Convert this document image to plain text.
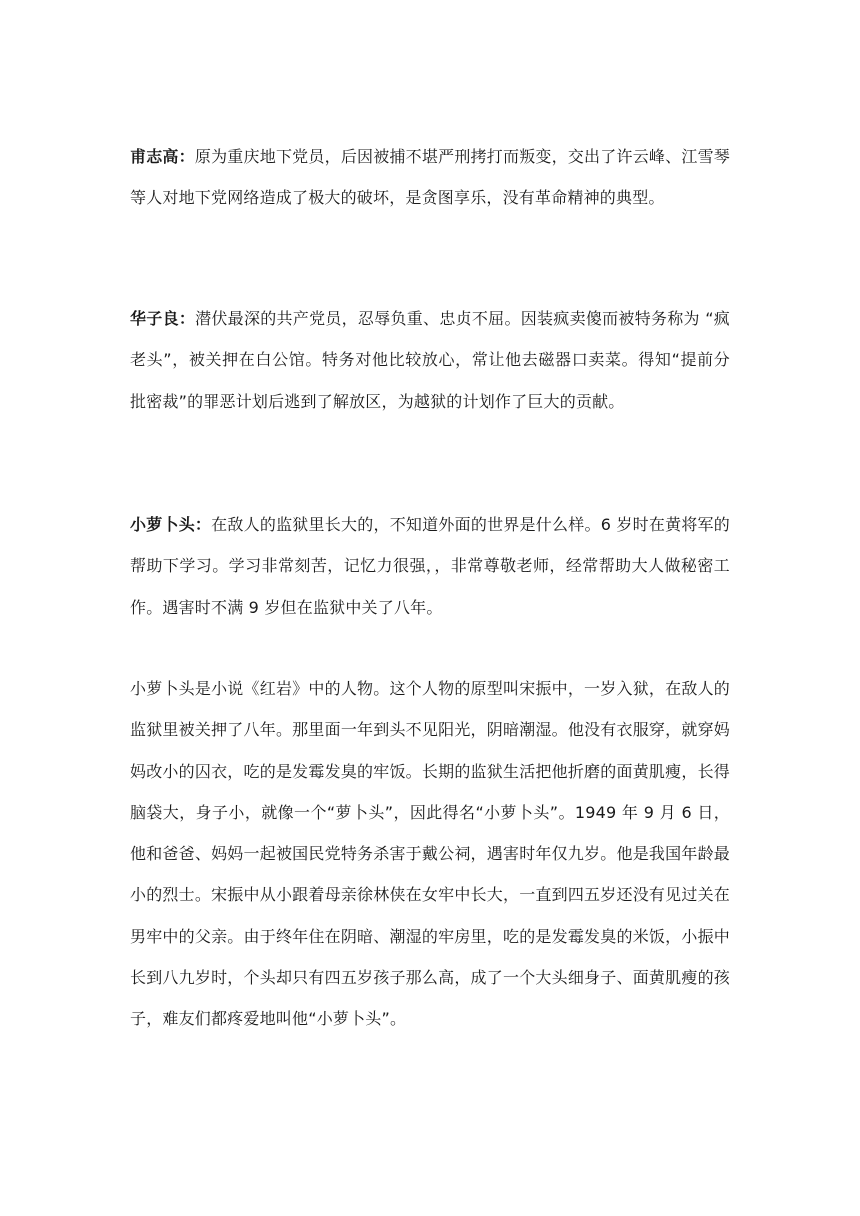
甫志高：原为重庆地下党员，后因被捕不堪严刑拷打而叛变，交出了许云峰、江雪琴等人对地下党网络造成了极大的破坏，是贪图享乐，没有革命精神的典型。

华子良：潜伏最深的共产党员，忍辱负重、忠贞不屈。因装疯卖傻而被特务称为 “疯老头”，被关押在白公馆。特务对他比较放心，常让他去磁器口卖菜。得知“提前分批密裁”的罪恶计划后逃到了解放区，为越狱的计划作了巨大的贡献。

小萝卜头：在敌人的监狱里长大的，不知道外面的世界是什么样。6 岁时在黄将军的帮助下学习。学习非常刻苦，记忆力很强，，非常尊敬老师，经常帮助大人做秘密工作。遇害时不满 9 岁但在监狱中关了八年。

小萝卜头是小说《红岩》中的人物。这个人物的原型叫宋振中，一岁入狱，在敌人的监狱里被关押了八年。那里面一年到头不见阳光，阴暗潮湿。他没有衣服穿，就穿妈妈改小的囚衣，吃的是发霉发臭的牢饭。长期的监狱生活把他折磨的面黄肌瘦，长得脑袋大，身子小，就像一个“萝卜头”，因此得名“小萝卜头”。1949 年 9 月 6 日，他和爸爸、妈妈一起被国民党特务杀害于戴公祠，遇害时年仅九岁。他是我国年龄最小的烈士。宋振中从小跟着母亲徐林侠在女牢中长大，一直到四五岁还没有见过关在男牢中的父亲。由于终年住在阴暗、潮湿的牢房里，吃的是发霉发臭的米饭，小振中长到八九岁时，个头却只有四五岁孩子那么高，成了一个大头细身子、面黄肌瘦的孩子，难友们都疼爱地叫他“小萝卜头”。
